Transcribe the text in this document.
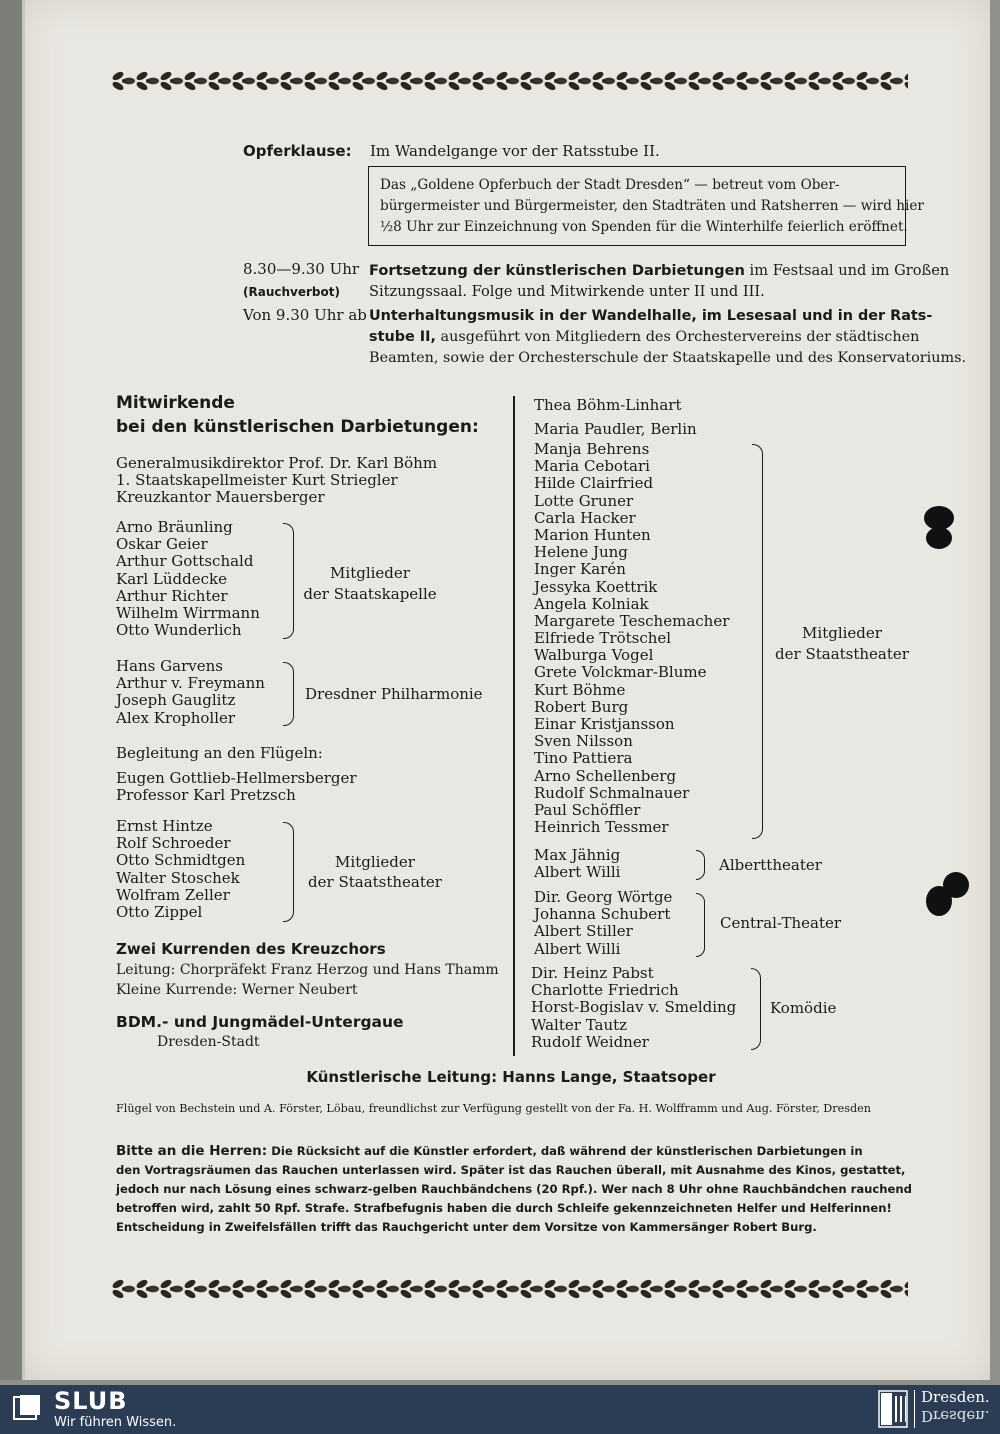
Opferklause: Im Wandelgange vor der Ratsstube II.
Das „Goldene Opferbuch der Stadt Dresden“ — betreut vom Ober-
bürgermeister und Bürgermeister, den Stadträten und Ratsherren — wird hier
½8 Uhr zur Einzeichnung von Spenden für die Winterhilfe feierlich eröffnet.
8.30—9.30 Uhr
(Rauchverbot)
Fortsetzung der künstlerischen Darbietungen im Festsaal und im Großen
Sitzungssaal. Folge und Mitwirkende unter II und III.
Von 9.30 Uhr ab Unterhaltungsmusik in der Wandelhalle, im Lesesaal und in der Rats-
stube II, ausgeführt von Mitgliedern des Orchestervereins der städtischen
Beamten, sowie der Orchesterschule der Staatskapelle und des Konservatoriums.
Mitwirkende
bei den künstlerischen Darbietungen:
Generalmusikdirektor Prof. Dr. Karl Böhm
1. Staatskapellmeister Kurt Striegler
Kreuzkantor Mauersberger
Arno Bräunling
Oskar Geier
Arthur Gottschald
Karl Lüddecke
Arthur Richter
Wilhelm Wirrmann
Otto Wunderlich
Mitglieder
der Staatskapelle
Hans Garvens
Arthur v. Freymann
Joseph Gauglitz
Alex Kropholler
Dresdner Philharmonie
Begleitung an den Flügeln:
Eugen Gottlieb-Hellmersberger
Professor Karl Pretzsch
Ernst Hintze
Rolf Schroeder
Otto Schmidtgen
Walter Stoschek
Wolfram Zeller
Otto Zippel
Mitglieder
der Staatstheater
Zwei Kurrenden des Kreuzchors
Leitung: Chorpräfekt Franz Herzog und Hans Thamm
Kleine Kurrende: Werner Neubert
BDM.- und Jungmädel-Untergaue
Dresden-Stadt
Thea Böhm-Linhart
Maria Paudler, Berlin
Manja Behrens
Maria Cebotari
Hilde Clairfried
Lotte Gruner
Carla Hacker
Marion Hunten
Helene Jung
Inger Karén
Jessyka Koettrik
Angela Kolniak
Margarete Teschemacher
Elfriede Trötschel
Walburga Vogel
Grete Volckmar-Blume
Kurt Böhme
Robert Burg
Einar Kristjansson
Sven Nilsson
Tino Pattiera
Arno Schellenberg
Rudolf Schmalnauer
Paul Schöffler
Heinrich Tessmer
Mitglieder
der Staatstheater
Max Jähnig
Albert Willi	Alberttheater
Dir. Georg Wörtge
Johanna Schubert
Albert Stiller
Albert Willi
Central-Theater
Dir. Heinz Pabst
Charlotte Friedrich
Horst-Bogislav v. Smelding
Walter Tautz
Rudolf Weidner
Komödie
Künstlerische Leitung: Hanns Lange, Staatsoper
Flügel von Bechstein und A. Förster, Löbau, freundlichst zur Verfügung gestellt von der Fa. H. Wolfframm und Aug. Förster, Dresden
Bitte an die Herren: Die Rücksicht auf die Künstler erfordert, daß während der künstlerischen Darbietungen in
den Vortragsräumen das Rauchen unterlassen wird. Später ist das Rauchen überall, mit Ausnahme des Kinos, gestattet,
jedoch nur nach Lösung eines schwarz-gelben Rauchbändchens (20 Rpf.). Wer nach 8 Uhr ohne Rauchbändchen rauchend
betroffen wird, zahlt 50 Rpf. Strafe. Strafbefugnis haben die durch Schleife gekennzeichneten Helfer und Helferinnen!
Entscheidung in Zweifelsfällen trifft das Rauchgericht unter dem Vorsitze von Kammersänger Robert Burg.
SLUB
Wir führen Wissen.
Dresden.
Dresden.
